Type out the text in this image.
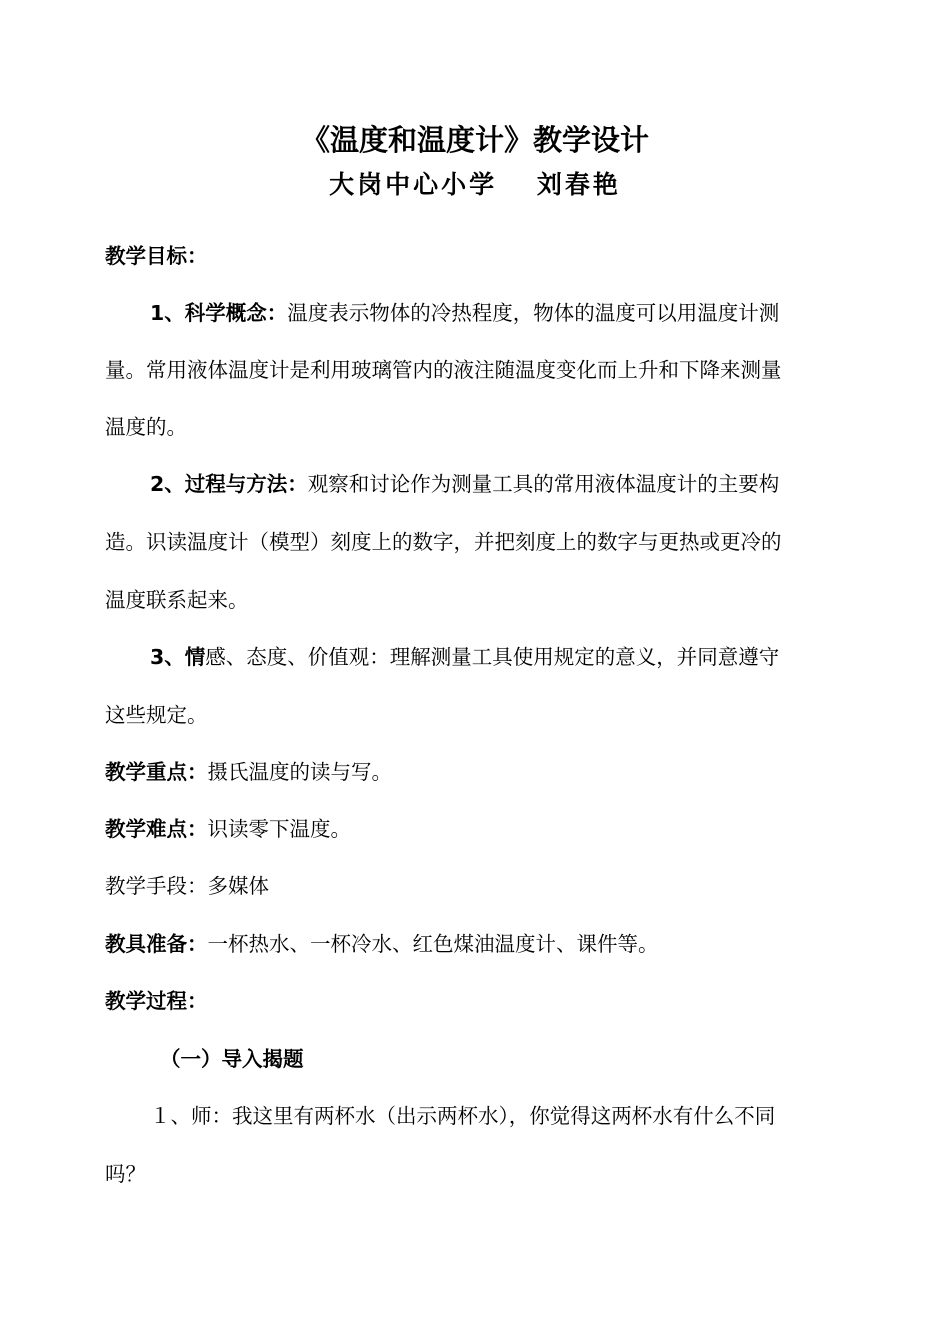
《温度和温度计》教学设计
大岗中心小学　 刘春艳
教学目标：
1、科学概念：温度表示物体的冷热程度，物体的温度可以用温度计测
量。常用液体温度计是利用玻璃管内的液注随温度变化而上升和下降来测量
温度的。
2、过程与方法：观察和讨论作为测量工具的常用液体温度计的主要构
造。识读温度计（模型）刻度上的数字，并把刻度上的数字与更热或更冷的
温度联系起来。
3、情感、态度、价值观：理解测量工具使用规定的意义，并同意遵守
这些规定。
教学重点：摄氏温度的读与写。
教学难点：识读零下温度。
教学手段：多媒体
教具准备：一杯热水、一杯冷水、红色煤油温度计、课件等。
教学过程：
（一）导入揭题
１、师：我这里有两杯水（出示两杯水），你觉得这两杯水有什么不同
吗？
